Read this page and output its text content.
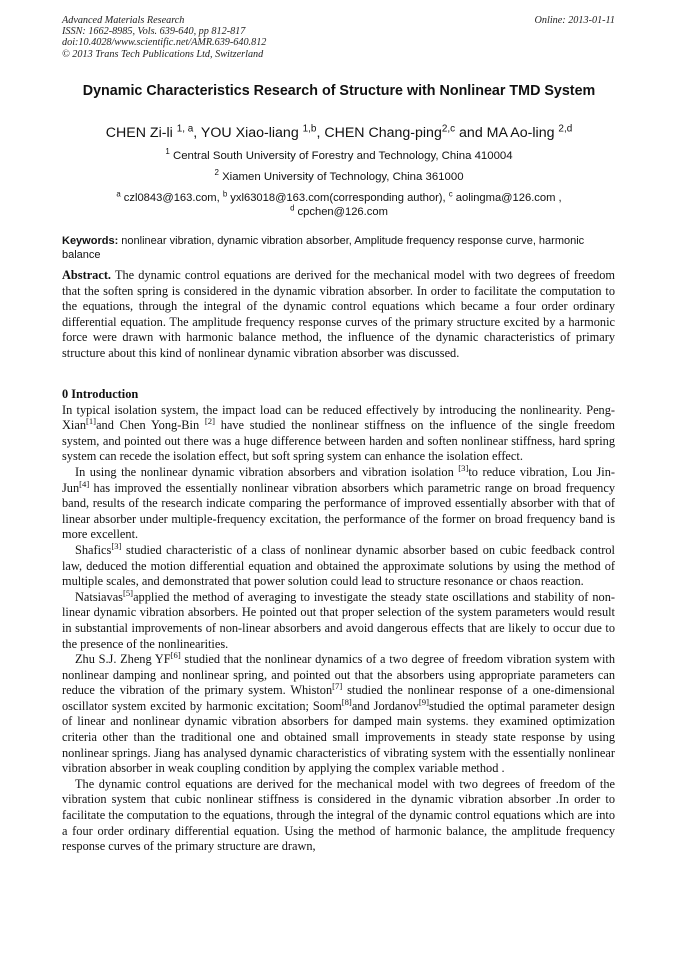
Advanced Materials Research	Online: 2013-01-11
ISSN: 1662-8985, Vols. 639-640, pp 812-817
doi:10.4028/www.scientific.net/AMR.639-640.812
© 2013 Trans Tech Publications Ltd, Switzerland
Dynamic Characteristics Research of Structure with Nonlinear TMD System
CHEN Zi-li $^{1, a}$, YOU Xiao-liang $^{1,b}$, CHEN Chang-ping$^{2,c}$ and MA Ao-ling $^{2,d}$
$^1$ Central South University of Forestry and Technology, China 410004
$^2$ Xiamen University of Technology, China 361000
$^a$ czl0843@163.com, $^b$ yxl63018@163.com(corresponding author), $^c$ aolingma@126.com ,
$^d$ cpchen@126.com
Keywords: nonlinear vibration, dynamic vibration absorber, Amplitude frequency response curve, harmonic balance

Abstract. The dynamic control equations are derived for the mechanical model with two degrees of freedom that the soften spring is considered in the dynamic vibration absorber. In order to facilitate the computation to the equations, through the integral of the dynamic control equations which became a four order ordinary differential equation. The amplitude frequency response curves of the primary structure excited by a harmonic force were drawn with harmonic balance method, the influence of the dynamic characteristics of primary structure about this kind of nonlinear dynamic vibration absorber was discussed.

0 Introduction

In typical isolation system, the impact load can be reduced effectively by introducing the nonlinearity. Peng-Xian[1]and Chen Yong-Bin [2] have studied the nonlinear stiffness on the influence of the single freedom system, and pointed out there was a huge difference between harden and soften nonlinear stiffness, hard spring system can recede the isolation effect, but soft spring system can enhance the isolation effect.

In using the nonlinear dynamic vibration absorbers and vibration isolation [3]to reduce vibration, Lou Jin-Jun[4] has improved the essentially nonlinear vibration absorbers which parametric range on broad frequency band, results of the research indicate comparing the performance of improved essentially absorber with that of linear absorber under multiple-frequency excitation, the performance of the former on broad frequency band is more excellent.

Shafics[3] studied characteristic of a class of nonlinear dynamic absorber based on cubic feedback control law, deduced the motion differential equation and obtained the approximate solutions by using the method of multiple scales, and demonstrated that power solution could lead to structure resonance or chaos reaction.

Natsiavas[5]applied the method of averaging to investigate the steady state oscillations and stability of non-linear dynamic vibration absorbers. He pointed out that proper selection of the system parameters would result in substantial improvements of non-linear absorbers and avoid dangerous effects that are likely to occur due to the presence of the nonlinearities.

Zhu S.J. Zheng YF[6] studied that the nonlinear dynamics of a two degree of freedom vibration system with nonlinear damping and nonlinear spring, and pointed out that the absorbers using appropriate parameters can reduce the vibration of the primary system. Whiston[7] studied the nonlinear response of a one-dimensional oscillator system excited by harmonic excitation; Soom[8]and Jordanov[9]studied the optimal parameter design of linear and nonlinear dynamic vibration absorbers for damped main systems. they examined optimization criteria other than the traditional one and obtained small improvements in steady state response by using nonlinear springs. Jiang has analysed dynamic characteristics of vibrating system with the essentially nonlinear vibration absorber in weak coupling condition by applying the complex variable method .

The dynamic control equations are derived for the mechanical model with two degrees of freedom of the vibration system that cubic nonlinear stiffness is considered in the dynamic vibration absorber .In order to facilitate the computation to the equations, through the integral of the dynamic control equations which are into a four order ordinary differential equation. Using the method of harmonic balance, the amplitude frequency response curves of the primary structure are drawn,
